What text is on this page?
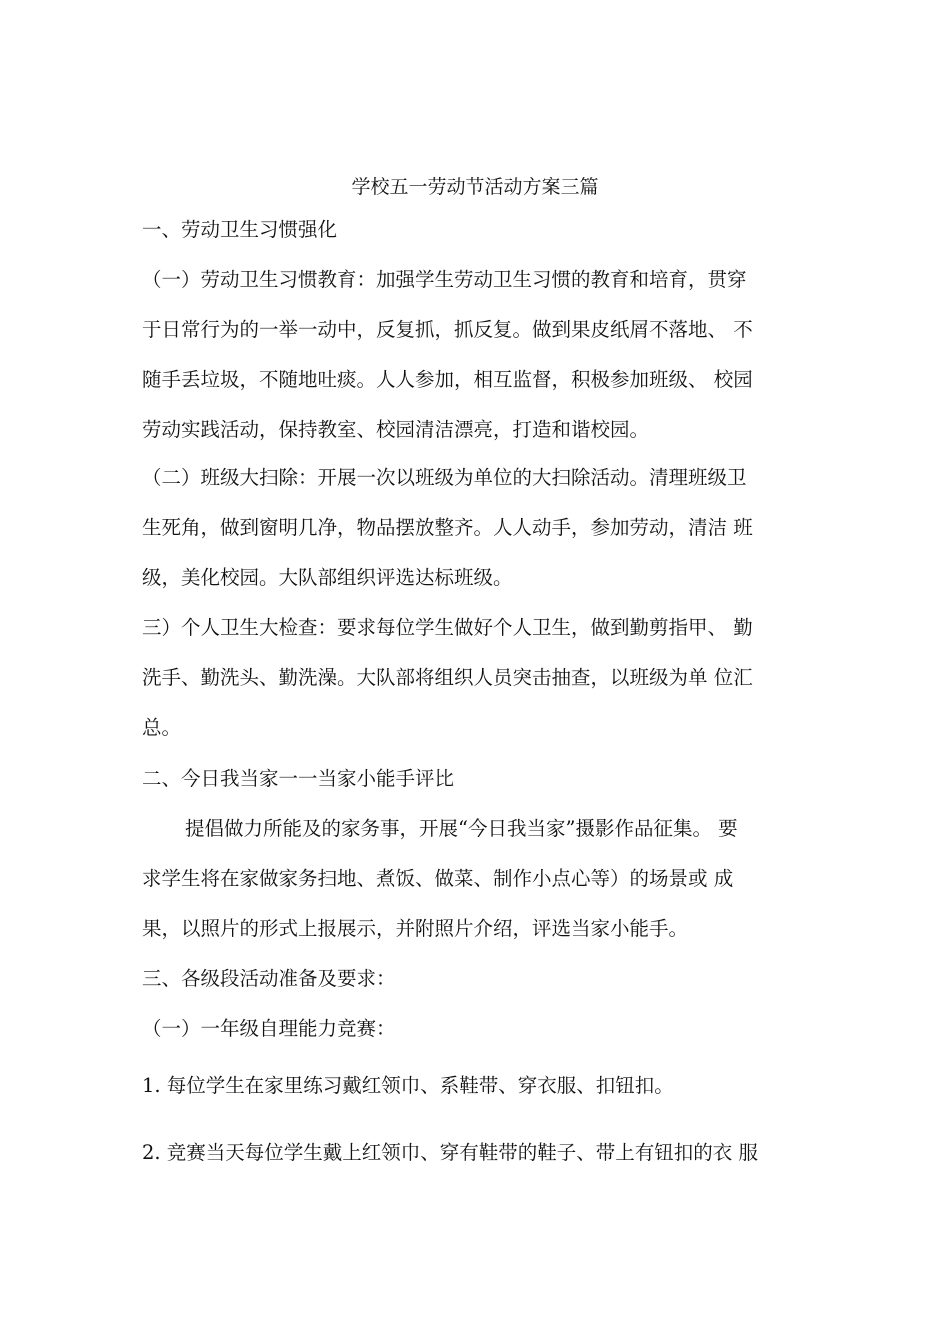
学校五一劳动节活动方案三篇
一、劳动卫生习惯强化
（一）劳动卫生习惯教育：加强学生劳动卫生习惯的教育和培育，贯穿
于日常行为的一举一动中，反复抓，抓反复。做到果皮纸屑不落地、 不
随手丢垃圾，不随地吐痰。人人参加，相互监督，积极参加班级、 校园
劳动实践活动，保持教室、校园清洁漂亮，打造和谐校园。
（二）班级大扫除：开展一次以班级为单位的大扫除活动。清理班级卫
生死角，做到窗明几净，物品摆放整齐。人人动手，参加劳动，清洁 班
级，美化校园。大队部组织评选达标班级。
三）个人卫生大检查：要求每位学生做好个人卫生，做到勤剪指甲、 勤
洗手、勤洗头、勤洗澡。大队部将组织人员突击抽查，以班级为单 位汇
总。
二、今日我当家一一当家小能手评比
提倡做力所能及的家务事，开展“今日我当家”摄影作品征集。 要
求学生将在家做家务扫地、煮饭、做菜、制作小点心等）的场景或 成
果，以照片的形式上报展示，并附照片介绍，评选当家小能手。
三、各级段活动准备及要求：
（一）一年级自理能力竞赛：
1. 每位学生在家里练习戴红领巾、系鞋带、穿衣服、扣钮扣。
2. 竞赛当天每位学生戴上红领巾、穿有鞋带的鞋子、带上有钮扣的衣 服
